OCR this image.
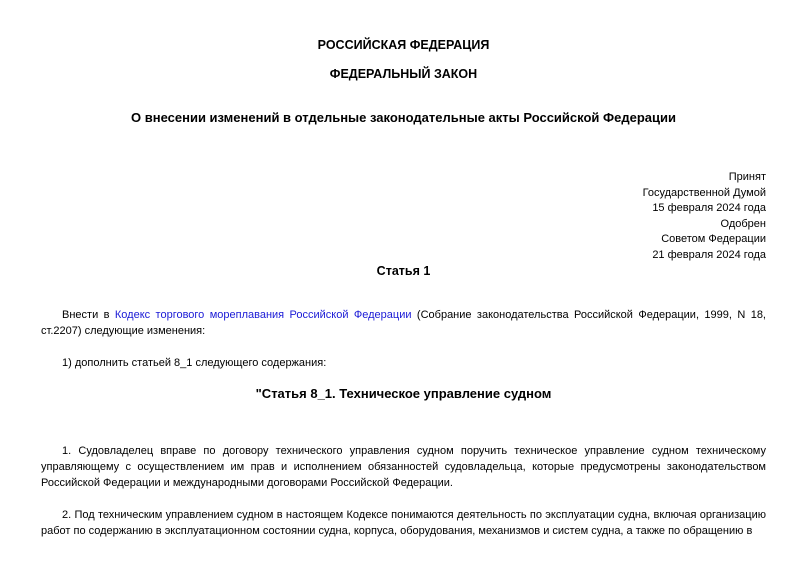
РОССИЙСКАЯ ФЕДЕРАЦИЯ
ФЕДЕРАЛЬНЫЙ ЗАКОН
О внесении изменений в отдельные законодательные акты Российской Федерации
Принят
Государственной Думой
15 февраля 2024 года
Одобрен
Советом Федерации
21 февраля 2024 года
Статья 1
Внести в Кодекс торгового мореплавания Российской Федерации (Собрание законодательства Российской Федерации, 1999, N 18, ст.2207) следующие изменения:
1) дополнить статьей 8_1 следующего содержания:
"Статья 8_1. Техническое управление судном
1. Судовладелец вправе по договору технического управления судном поручить техническое управление судном техническому управляющему с осуществлением им прав и исполнением обязанностей судовладельца, которые предусмотрены законодательством Российской Федерации и международными договорами Российской Федерации.
2. Под техническим управлением судном в настоящем Кодексе понимаются деятельность по эксплуатации судна, включая организацию работ по содержанию в эксплуатационном состоянии судна, корпуса, оборудования, механизмов и систем судна, а также по обращению в
